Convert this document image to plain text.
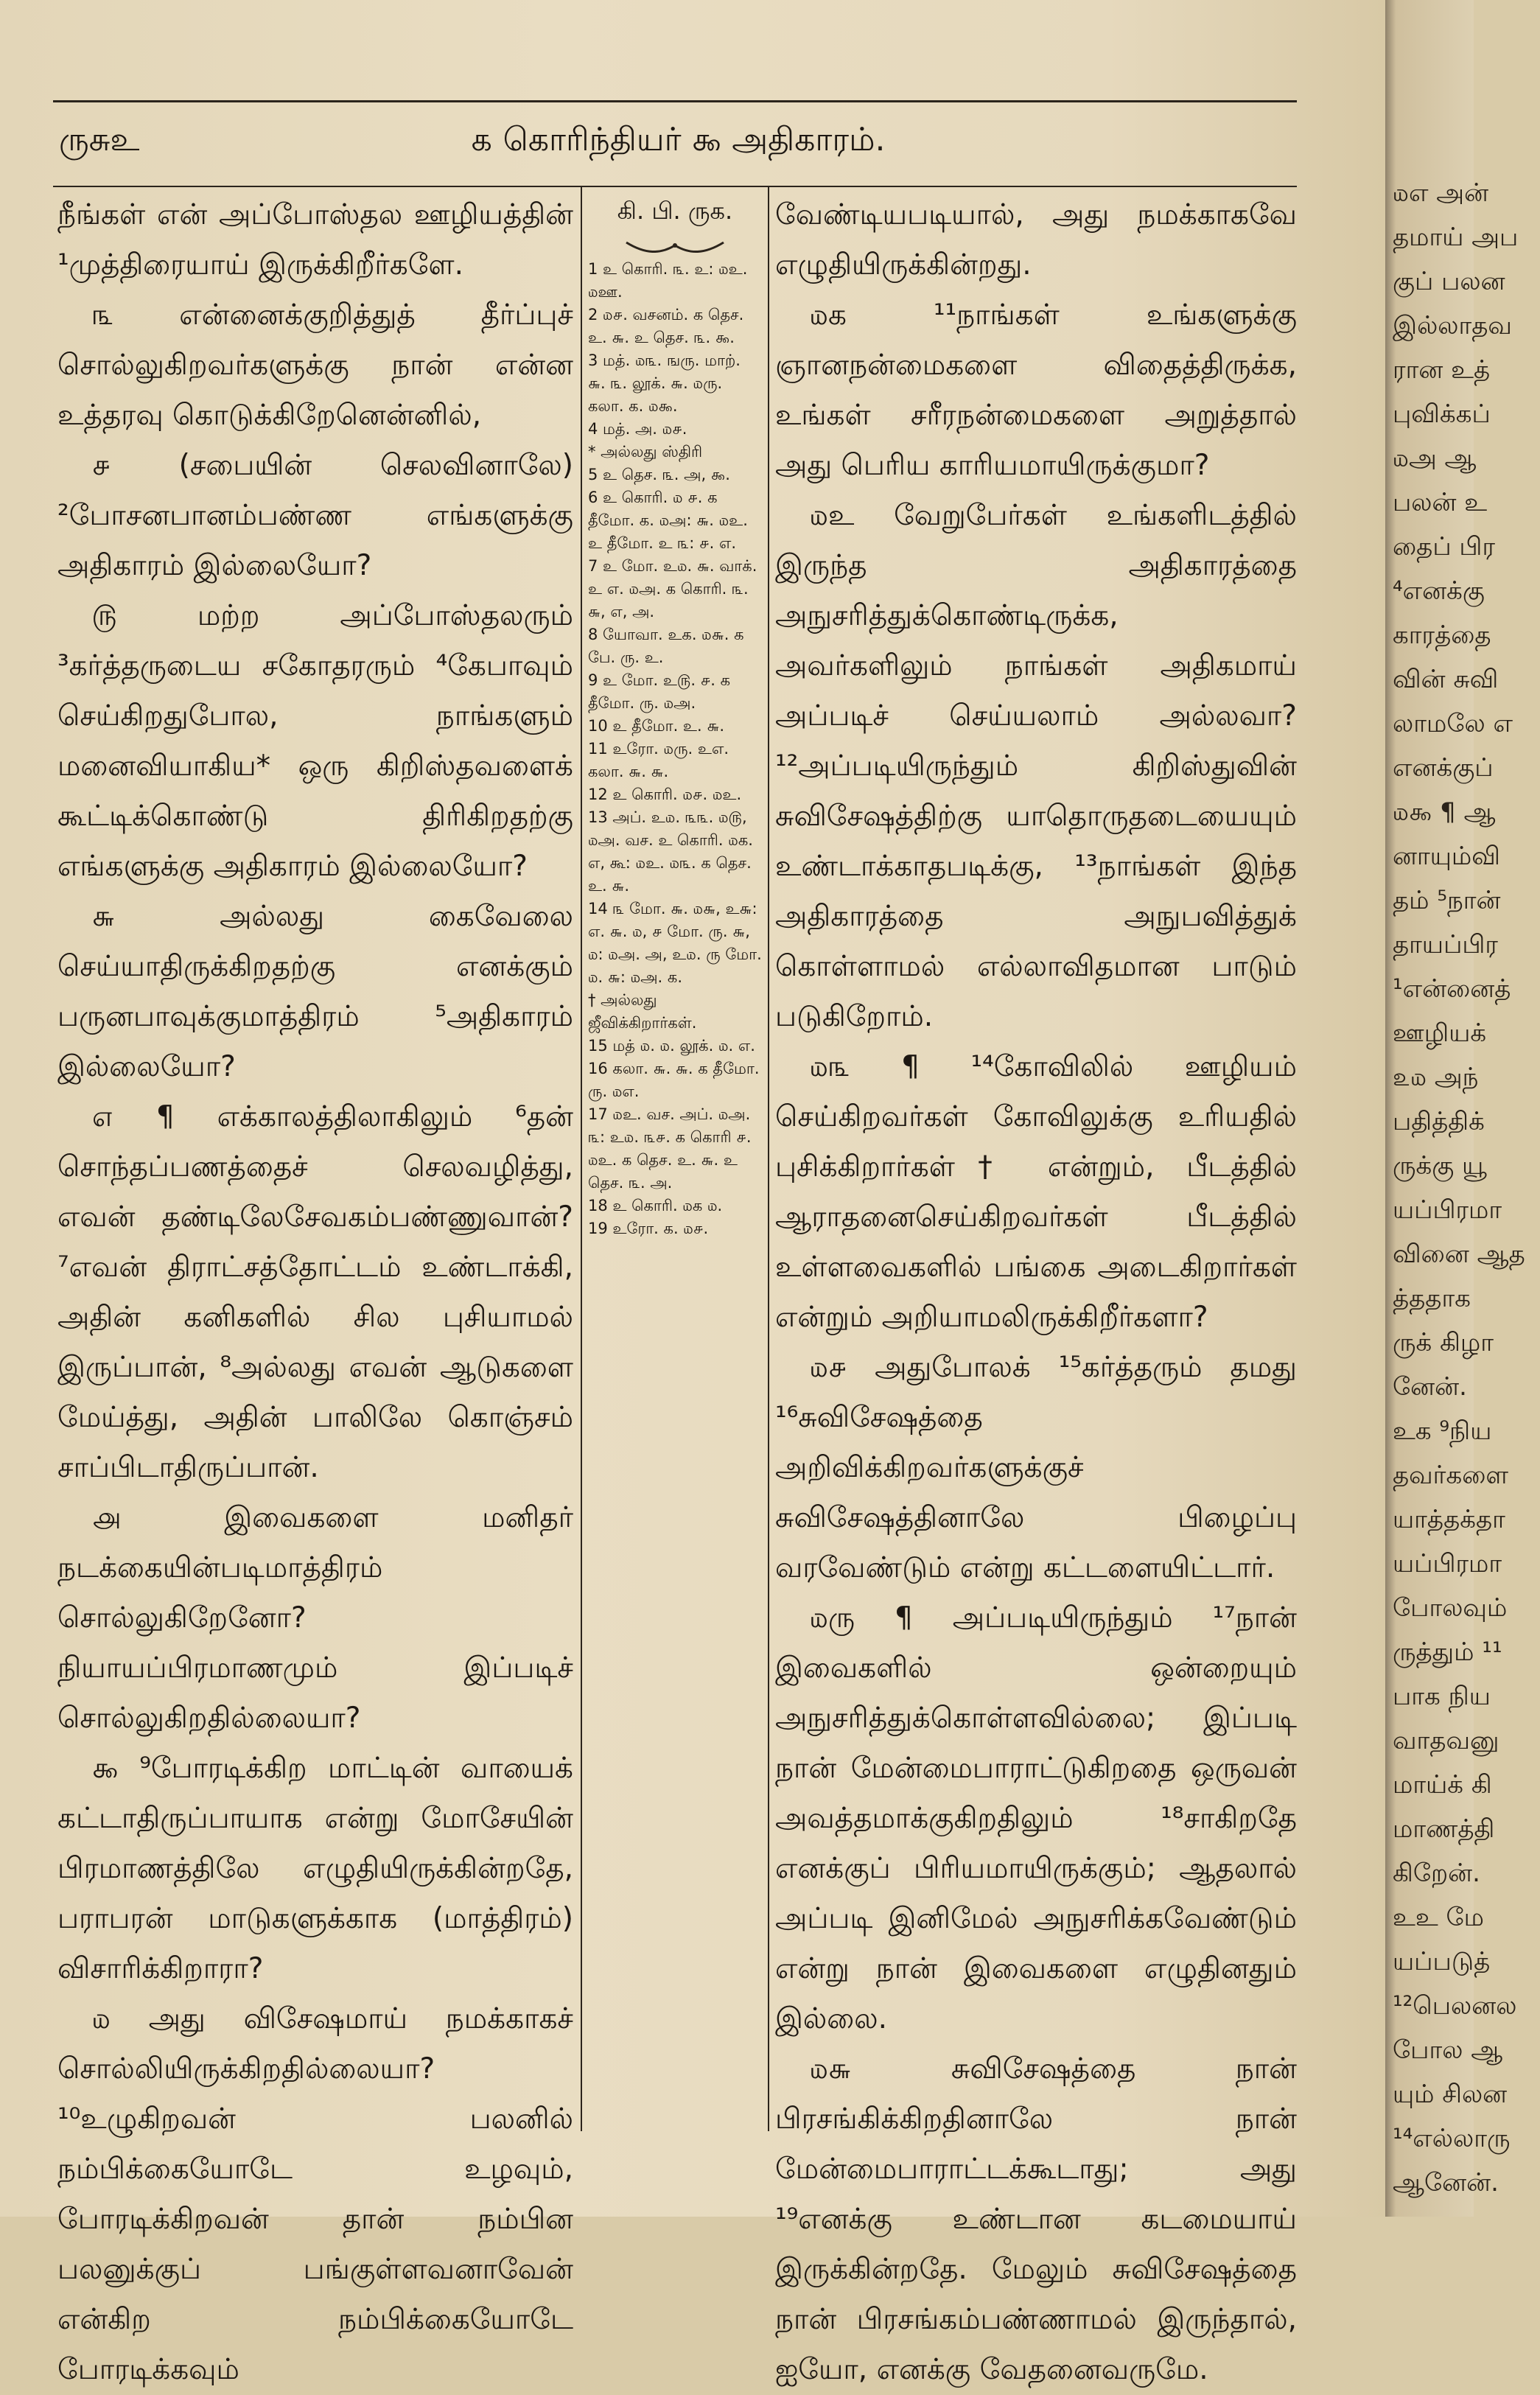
ருசுஉ	௧ கொரிந்தியர் ௯ அதிகாரம்.

நீங்கள் என் அப்போஸ்தல ஊழியத்தின் ¹முத்திரையாய் இருக்கிறீர்களே.

௩ என்னைக்குறித்துத் தீர்ப்புச் சொல்லுகிறவர்களுக்கு நான் என்ன உத்தரவு கொடுக்கிறேனென்னில்,

௪ (சபையின் செலவினாலே) ²போசனபானம்பண்ண எங்களுக்கு அதிகாரம் இல்லையோ?

௫ மற்ற அப்போஸ்தலரும் ³கர்த்தருடைய சகோதரரும் ⁴கேபாவும் செய்கிறதுபோல, நாங்களும் மனைவியாகிய* ஒரு கிறிஸ்தவளைக் கூட்டிக்கொண்டு திரிகிறதற்கு எங்களுக்கு அதிகாரம் இல்லையோ?

௬ அல்லது கைவேலை செய்யாதிருக்கிறதற்கு எனக்கும் பருனபாவுக்குமாத்திரம் ⁵அதிகாரம் இல்லையோ?

௭ ¶ எக்காலத்திலாகிலும் ⁶தன் சொந்தப்பணத்தைச் செலவழித்து, எவன் தண்டிலேசேவகம்பண்ணுவான்? ⁷எவன் திராட்சத்தோட்டம் உண்டாக்கி, அதின் கனிகளில் சில புசியாமல் இருப்பான், ⁸அல்லது எவன் ஆடுகளை மேய்த்து, அதின் பாலிலே கொஞ்சம் சாப்பிடாதிருப்பான்.

௮ இவைகளை மனிதர் நடக்கையின்படிமாத்திரம் சொல்லுகிறேனோ? நியாயப்பிரமாணமும் இப்படிச் சொல்லுகிறதில்லையா?

௯ ⁹போரடிக்கிற மாட்டின் வாயைக் கட்டாதிருப்பாயாக என்று மோசேயின் பிரமாணத்திலே எழுதியிருக்கின்றதே, பராபரன் மாடுகளுக்காக (மாத்திரம்) விசாரிக்கிறாரா?

௰ அது விசேஷமாய் நமக்காகச் சொல்லியிருக்கிறதில்லையா? ¹⁰உழுகிறவன் பலனில் நம்பிக்கையோடே உழவும், போரடிக்கிறவன் தான் நம்பின பலனுக்குப் பங்குள்ளவனாவேன் என்கிற நம்பிக்கையோடே போரடிக்கவும்

கி. பி. ருக.

1 உ கொரி. ௩. உ: ௰உ. ௰ஊ.

2 ௰௪. வசனம். க தெச. உ. ௬. உ தெச. ௩. ௯.

3 மத். ௰௩. ஙரு. மாற். ௬. ௩. லூக். ௬. ௰ரு. கலா. க. ௰௯.

4 மத். அ. ௰௪.

* அல்லது ஸ்திரி

5 உ தெச. ௩. அ, ௯.

6 உ கொரி. ௰ ௪. க தீமோ. க. ௰அ: ௬. ௰உ. உ தீமோ. உ ௩: ௪. எ.

7 உ மோ. உ௰. ௬. வாக். உ எ. ௰அ. க கொரி. ௩. ௬, எ, அ.

8 யோவா. உக. ௰௬. க பே. ரு. உ.

9 உ மோ. உ௫. ௪. க தீமோ. ரு. ௰அ.

10 உ தீமோ. உ. ௬.

11 உரோ. ௰ரு. உஎ. கலா. ௬. ௬.

12 உ கொரி. ௰௪. ௰உ.

13 அப். உ௰. ௩௩. ௰௫, ௰அ. வச. உ கொரி. ௰க. எ, கூ: ௰உ. ௰௩. க தெச. உ. ௬.

14 ௩ மோ. ௬. ௰௬, உ௬: எ. ௬. ௰, ௪ மோ. ரு. ௬, ௰: ௰அ. அ, உ௰. ரு மோ. ௰. ௬: ௰அ. க.

† அல்லது ஜீவிக்கிறார்கள்.

15 மத் ௰. ௰. லூக். ௰. எ.

16 கலா. ௬. ௬. க தீமோ. ரு. ௰எ.

17 ௰உ. வச. அப். ௰அ. ௩: உ௰. ௩௪. க கொரி ௪. ௰உ. க தெச. உ. ௬. உ தெச. ௩. அ.

18 உ கொரி. ௰க ௰.

19 உரோ. க. ௰௪.

வேண்டியபடியால், அது நமக்காகவே எழுதியிருக்கின்றது.

௰க ¹¹நாங்கள் உங்களுக்கு ஞானநன்மைகளை விதைத்திருக்க, உங்கள் சரீரநன்மைகளை அறுத்தால் அது பெரிய காரியமாயிருக்குமா?

௰உ வேறுபேர்கள் உங்களிடத்தில் இருந்த அதிகாரத்தை அநுசரித்துக்கொண்டிருக்க, அவர்களிலும் நாங்கள் அதிகமாய் அப்படிச் செய்யலாம் அல்லவா? ¹²அப்படியிருந்தும் கிறிஸ்துவின் சுவிசேஷத்திற்கு யாதொருதடையையும் உண்டாக்காதபடிக்கு, ¹³நாங்கள் இந்த அதிகாரத்தை அநுபவித்துக் கொள்ளாமல் எல்லாவிதமான பாடும் படுகிறோம்.

௰௩ ¶ ¹⁴கோவிலில் ஊழியம் செய்கிறவர்கள் கோவிலுக்கு உரியதில் புசிக்கிறார்கள்† என்றும், பீடத்தில் ஆராதனைசெய்கிறவர்கள் பீடத்தில் உள்ளவைகளில் பங்கை அடைகிறார்கள் என்றும் அறியாமலிருக்கிறீர்களா?

௰௪ அதுபோலக் ¹⁵கர்த்தரும் தமது ¹⁶சுவிசேஷத்தை அறிவிக்கிறவர்களுக்குச் சுவிசேஷத்தினாலே பிழைப்பு வரவேண்டும் என்று கட்டளையிட்டார்.

௰ரு ¶ அப்படியிருந்தும் ¹⁷நான் இவைகளில் ஒன்றையும் அநுசரித்துக்கொள்ளவில்லை; இப்படி நான் மேன்மைபாராட்டுகிறதை ஒருவன் அவத்தமாக்குகிறதிலும் ¹⁸சாகிறதே எனக்குப் பிரியமாயிருக்கும்; ஆதலால் அப்படி இனிமேல் அநுசரிக்கவேண்டும் என்று நான் இவைகளை எழுதினதும் இல்லை.

௰௬ சுவிசேஷத்தை நான் பிரசங்கிக்கிறதினாலே நான் மேன்மைபாராட்டக்கூடாது; அது ¹⁹எனக்கு உண்டான கடமையாய் இருக்கின்றதே. மேலும் சுவிசேஷத்தை நான் பிரசங்கம்பண்ணாமல் இருந்தால், ஐயோ, எனக்கு வேதனைவருமே.

௰எ அன்
தமாய் அப
குப் பலன
இல்லாதவ
ரான உத்
புவிக்கப்
௰அ ஆ
பலன் உ
தைப் பிர
⁴எனக்கு
காரத்தை
வின் சுவி
லாமலே எ
எனக்குப்
௰௯ ¶ ஆ
னாயும்வி
தம் ⁵நான்
தாயப்பிர
¹என்னைத்
ஊழியக்
௨௰ அந்
பதித்திக்
ருக்கு யூ
யப்பிரமா
வினை ஆத
த்ததாக
ருக் கிழா
னேன்.
உக ⁹நிய
தவர்களை
யாத்தக்தா
யப்பிரமா
போலவும்
ருத்தும் ¹¹
பாக நிய
வாதவனு
மாய்க் கி
மாணத்தி
கிறேன்.
உஉ மே
யப்படுத்
¹²பெலனல
போல ஆ
யும் சிலன
¹⁴எல்லாரு
ஆனேன்.
